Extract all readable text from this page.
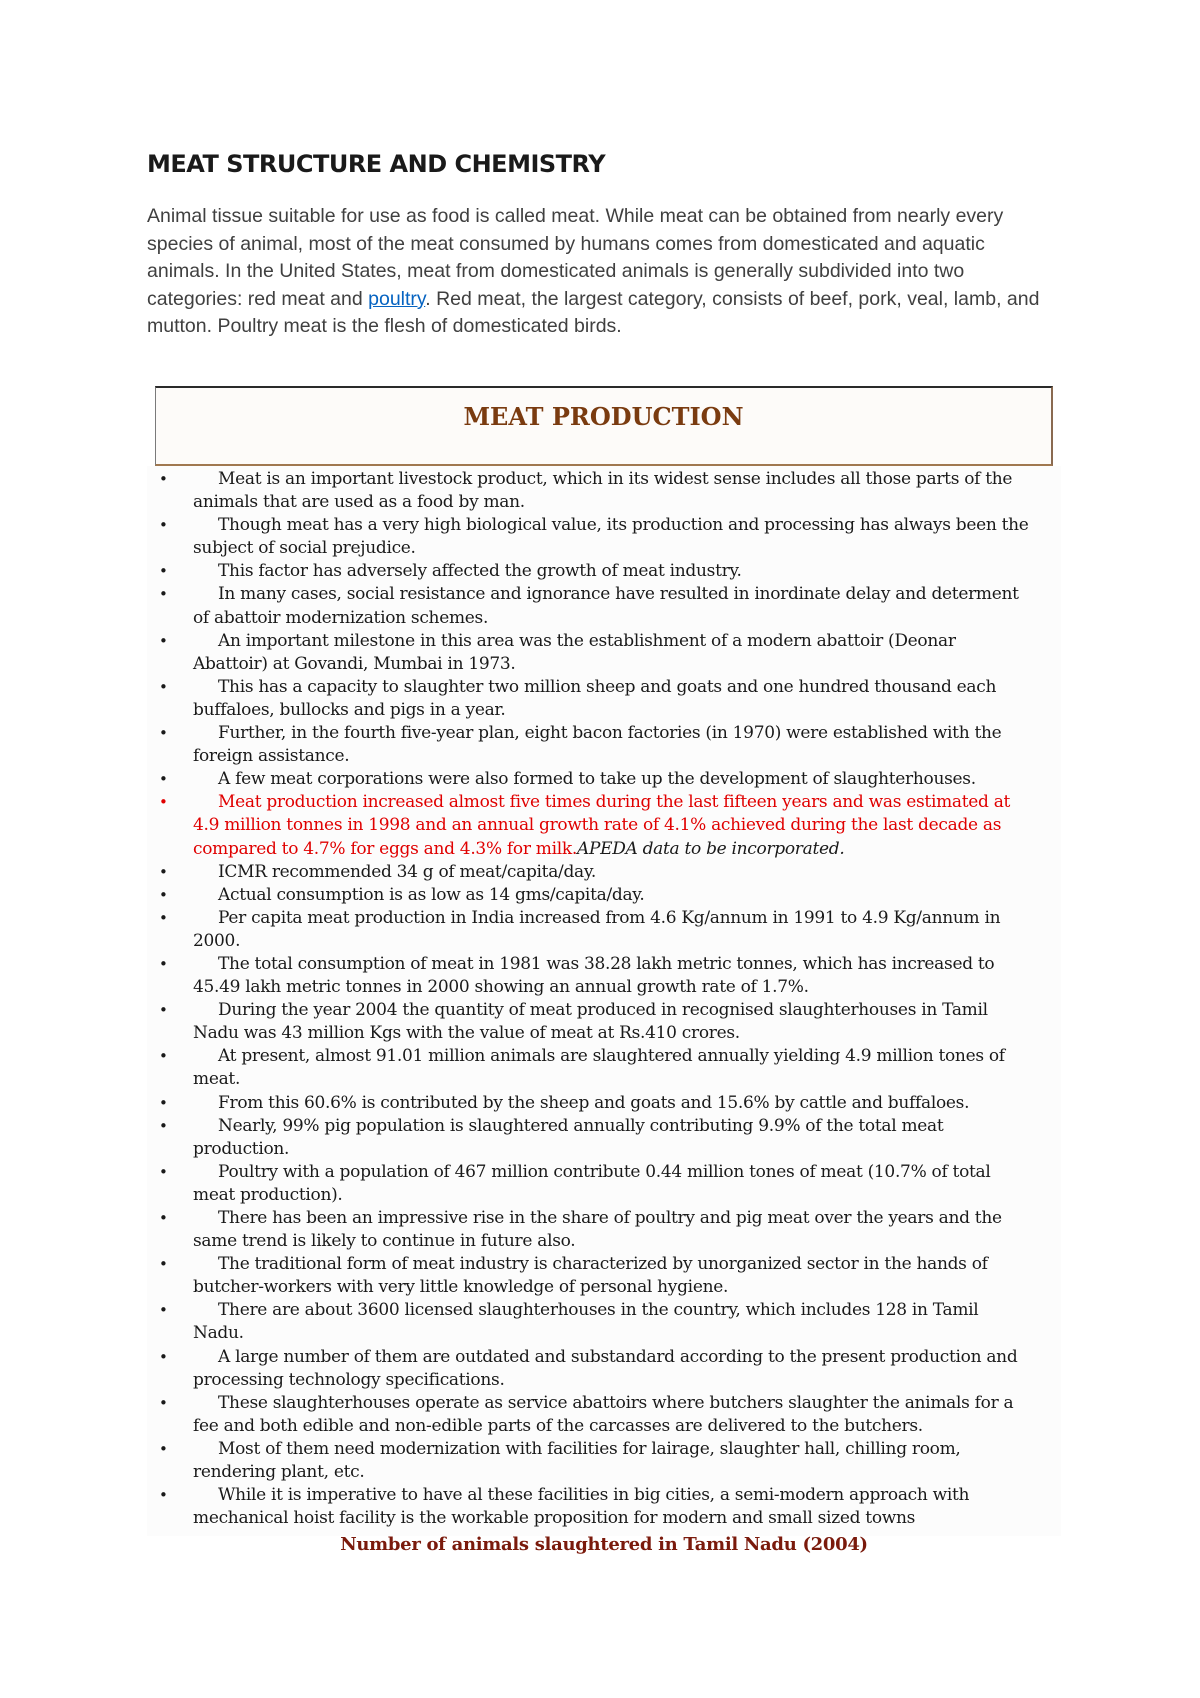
MEAT STRUCTURE AND CHEMISTRY

Animal tissue suitable for use as food is called meat. While meat can be obtained from nearly every species of animal, most of the meat consumed by humans comes from domesticated and aquatic animals. In the United States, meat from domesticated animals is generally subdivided into two categories: red meat and poultry. Red meat, the largest category, consists of beef, pork, veal, lamb, and mutton. Poultry meat is the flesh of domesticated birds.

MEAT PRODUCTION
•	Meat is an important livestock product, which in its widest sense includes all those parts of the animals that are used as a food by man.
•	Though meat has a very high biological value, its production and processing has always been the subject of social prejudice.
•	This factor has adversely affected the growth of meat industry.
•	In many cases, social resistance and ignorance have resulted in inordinate delay and determent of abattoir modernization schemes.
•	An important milestone in this area was the establishment of a modern abattoir (Deonar Abattoir) at Govandi, Mumbai in 1973.
•	This has a capacity to slaughter two million sheep and goats and one hundred thousand each buffaloes, bullocks and pigs in a year.
•	Further, in the fourth five-year plan, eight bacon factories (in 1970) were established with the foreign assistance.
•	A few meat corporations were also formed to take up the development of slaughterhouses.
•	Meat production increased almost five times during the last fifteen years and was estimated at 4.9 million tonnes in 1998 and an annual growth rate of 4.1% achieved during the last decade as compared to 4.7% for eggs and 4.3% for milk.APEDA data to be incorporated.
•	ICMR recommended 34 g of meat/capita/day.
•	Actual consumption is as low as 14 gms/capita/day.
•	Per capita meat production in India increased from 4.6 Kg/annum in 1991 to 4.9 Kg/annum in 2000.
•	The total consumption of meat in 1981 was 38.28 lakh metric tonnes, which has increased to 45.49 lakh metric tonnes in 2000 showing an annual growth rate of 1.7%.
•	During the year 2004 the quantity of meat produced in recognised slaughterhouses in Tamil Nadu was 43 million Kgs with the value of meat at Rs.410 crores.
•	At present, almost 91.01 million animals are slaughtered annually yielding 4.9 million tones of meat.
•	From this 60.6% is contributed by the sheep and goats and 15.6% by cattle and buffaloes.
•	Nearly, 99% pig population is slaughtered annually contributing 9.9% of the total meat production.
•	Poultry with a population of 467 million contribute 0.44 million tones of meat (10.7% of total meat production).
•	There has been an impressive rise in the share of poultry and pig meat over the years and the same trend is likely to continue in future also.
•	The traditional form of meat industry is characterized by unorganized sector in the hands of butcher-workers with very little knowledge of personal hygiene.
•	There are about 3600 licensed slaughterhouses in the country, which includes 128 in Tamil Nadu.
•	A large number of them are outdated and substandard according to the present production and processing technology specifications.
•	These slaughterhouses operate as service abattoirs where butchers slaughter the animals for a fee and both edible and non-edible parts of the carcasses are delivered to the butchers.
•	Most of them need modernization with facilities for lairage, slaughter hall, chilling room, rendering plant, etc.
•	While it is imperative to have al these facilities in big cities, a semi-modern approach with mechanical hoist facility is the workable proposition for modern and small sized towns

Number of animals slaughtered in Tamil Nadu (2004)
